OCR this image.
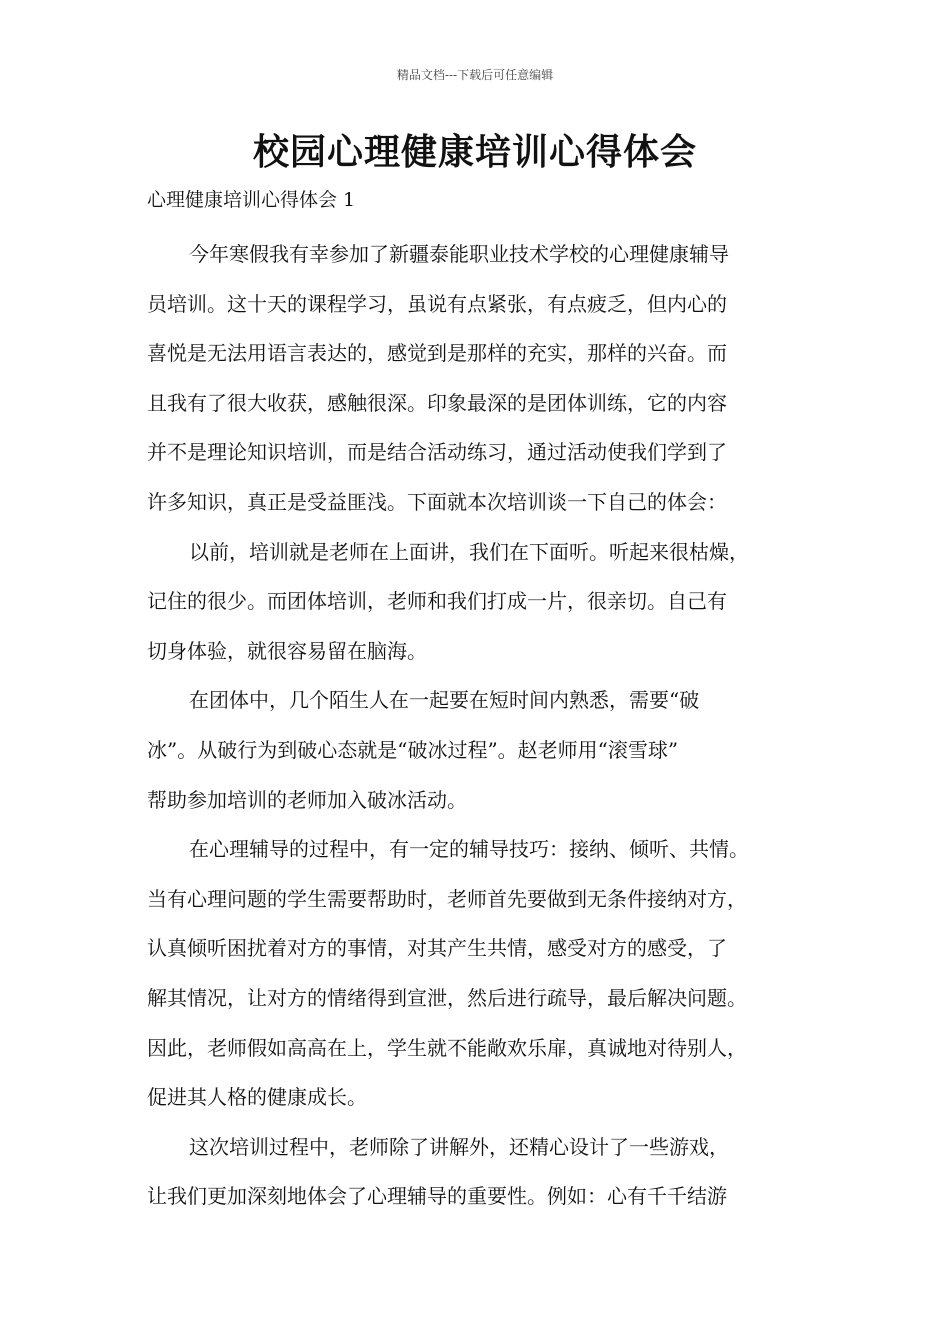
精品文档---下载后可任意编辑
校园心理健康培训心得体会

心理健康培训心得体会 1

今年寒假我有幸参加了新疆泰能职业技术学校的心理健康辅导
员培训。这十天的课程学习，虽说有点紧张，有点疲乏，但内心的
喜悦是无法用语言表达的，感觉到是那样的充实，那样的兴奋。而
且我有了很大收获，感触很深。印象最深的是团体训练，它的内容
并不是理论知识培训，而是结合活动练习，通过活动使我们学到了
许多知识，真正是受益匪浅。下面就本次培训谈一下自己的体会：

以前，培训就是老师在上面讲，我们在下面听。听起来很枯燥，
记住的很少。而团体培训，老师和我们打成一片，很亲切。自己有
切身体验，就很容易留在脑海。

在团体中，几个陌生人在一起要在短时间内熟悉，需要“破
冰”。从破行为到破心态就是“破冰过程”。赵老师用“滚雪球”
帮助参加培训的老师加入破冰活动。

在心理辅导的过程中，有一定的辅导技巧：接纳、倾听、共情。
当有心理问题的学生需要帮助时，老师首先要做到无条件接纳对方，
认真倾听困扰着对方的事情，对其产生共情，感受对方的感受，了
解其情况，让对方的情绪得到宣泄，然后进行疏导，最后解决问题。
因此，老师假如高高在上，学生就不能敞欢乐扉，真诚地对待别人，
促进其人格的健康成长。

这次培训过程中，老师除了讲解外，还精心设计了一些游戏，
让我们更加深刻地体会了心理辅导的重要性。例如：心有千千结游
